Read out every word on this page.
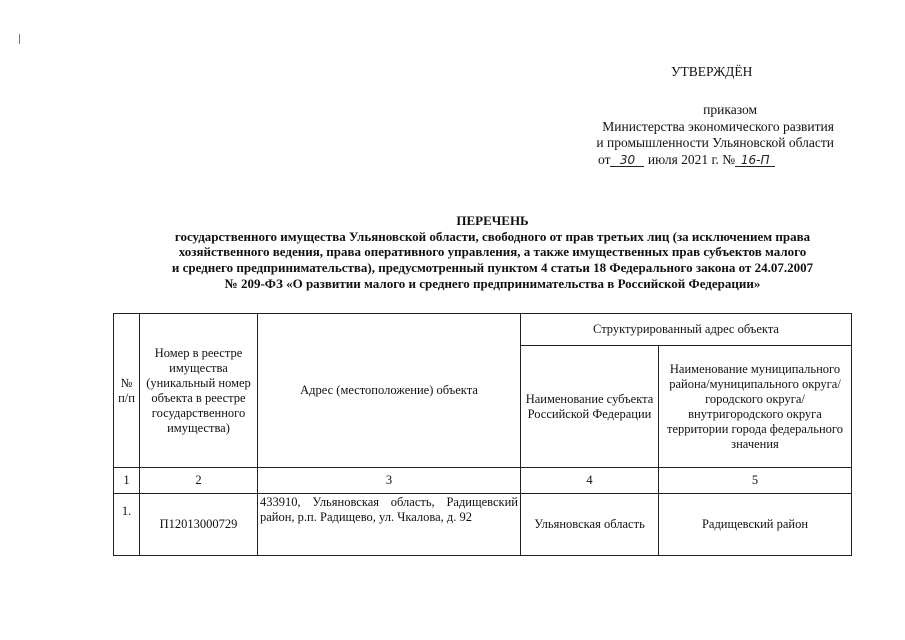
УТВЕРЖДЁН
приказом
Министерства экономического развития
и промышленности Ульяновской области
от 30 июля 2021 г. № 16-П
ПЕРЕЧЕНЬ
государственного имущества Ульяновской области, свободного от прав третьих лиц (за исключением права
хозяйственного ведения, права оперативного управления, а также имущественных прав субъектов малого
и среднего предпринимательства), предусмотренный пунктом 4 статьи 18 Федерального закона от 24.07.2007
№ 209-ФЗ «О развитии малого и среднего предпринимательства в Российской Федерации»
№ п/п	Номер в реестре имущества (уникальный номер объекта в реестре государственного имущества)	Адрес (местоположение) объекта	Структурированный адрес объекта	
			Наименование субъекта Российской Федерации	Наименование муниципального района/муниципального округа/городского округа/внутригородского округа территории города федерального значения
1	2	3	4	5
1.	П12013000729	433910, Ульяновская область, Радищевский район, р.п. Радищево, ул. Чкалова, д. 92	Ульяновская область	Радищевский район
